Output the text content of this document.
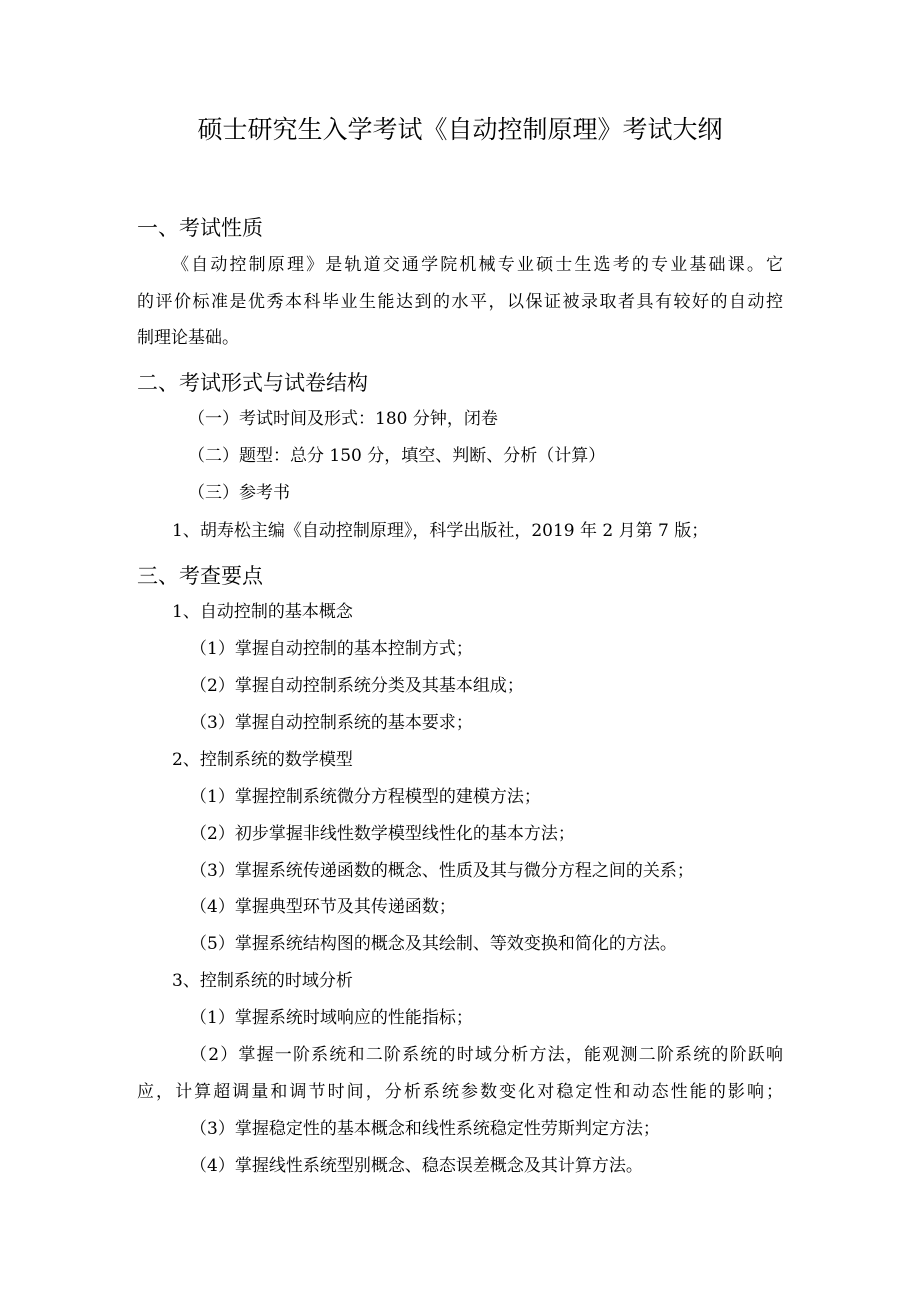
硕士研究生入学考试《自动控制原理》考试大纲
一、考试性质

《自动控制原理》是轨道交通学院机械专业硕士生选考的专业基础课。它

的评价标准是优秀本科毕业生能达到的水平，以保证被录取者具有较好的自动控

制理论基础。

二、考试形式与试卷结构

（一）考试时间及形式：180 分钟，闭卷

（二）题型：总分 150 分，填空、判断、分析（计算）

（三）参考书

1、胡寿松主编《自动控制原理》，科学出版社，2019 年 2 月第 7 版；

三、考查要点

1、自动控制的基本概念

（1）掌握自动控制的基本控制方式；

（2）掌握自动控制系统分类及其基本组成；

（3）掌握自动控制系统的基本要求；

2、控制系统的数学模型

（1）掌握控制系统微分方程模型的建模方法；

（2）初步掌握非线性数学模型线性化的基本方法；

（3）掌握系统传递函数的概念、性质及其与微分方程之间的关系；

（4）掌握典型环节及其传递函数；

（5）掌握系统结构图的概念及其绘制、等效变换和简化的方法。

3、控制系统的时域分析

（1）掌握系统时域响应的性能指标；

（2）掌握一阶系统和二阶系统的时域分析方法，能观测二阶系统的阶跃响

应，计算超调量和调节时间，分析系统参数变化对稳定性和动态性能的影响；

（3）掌握稳定性的基本概念和线性系统稳定性劳斯判定方法；

（4）掌握线性系统型别概念、稳态误差概念及其计算方法。
